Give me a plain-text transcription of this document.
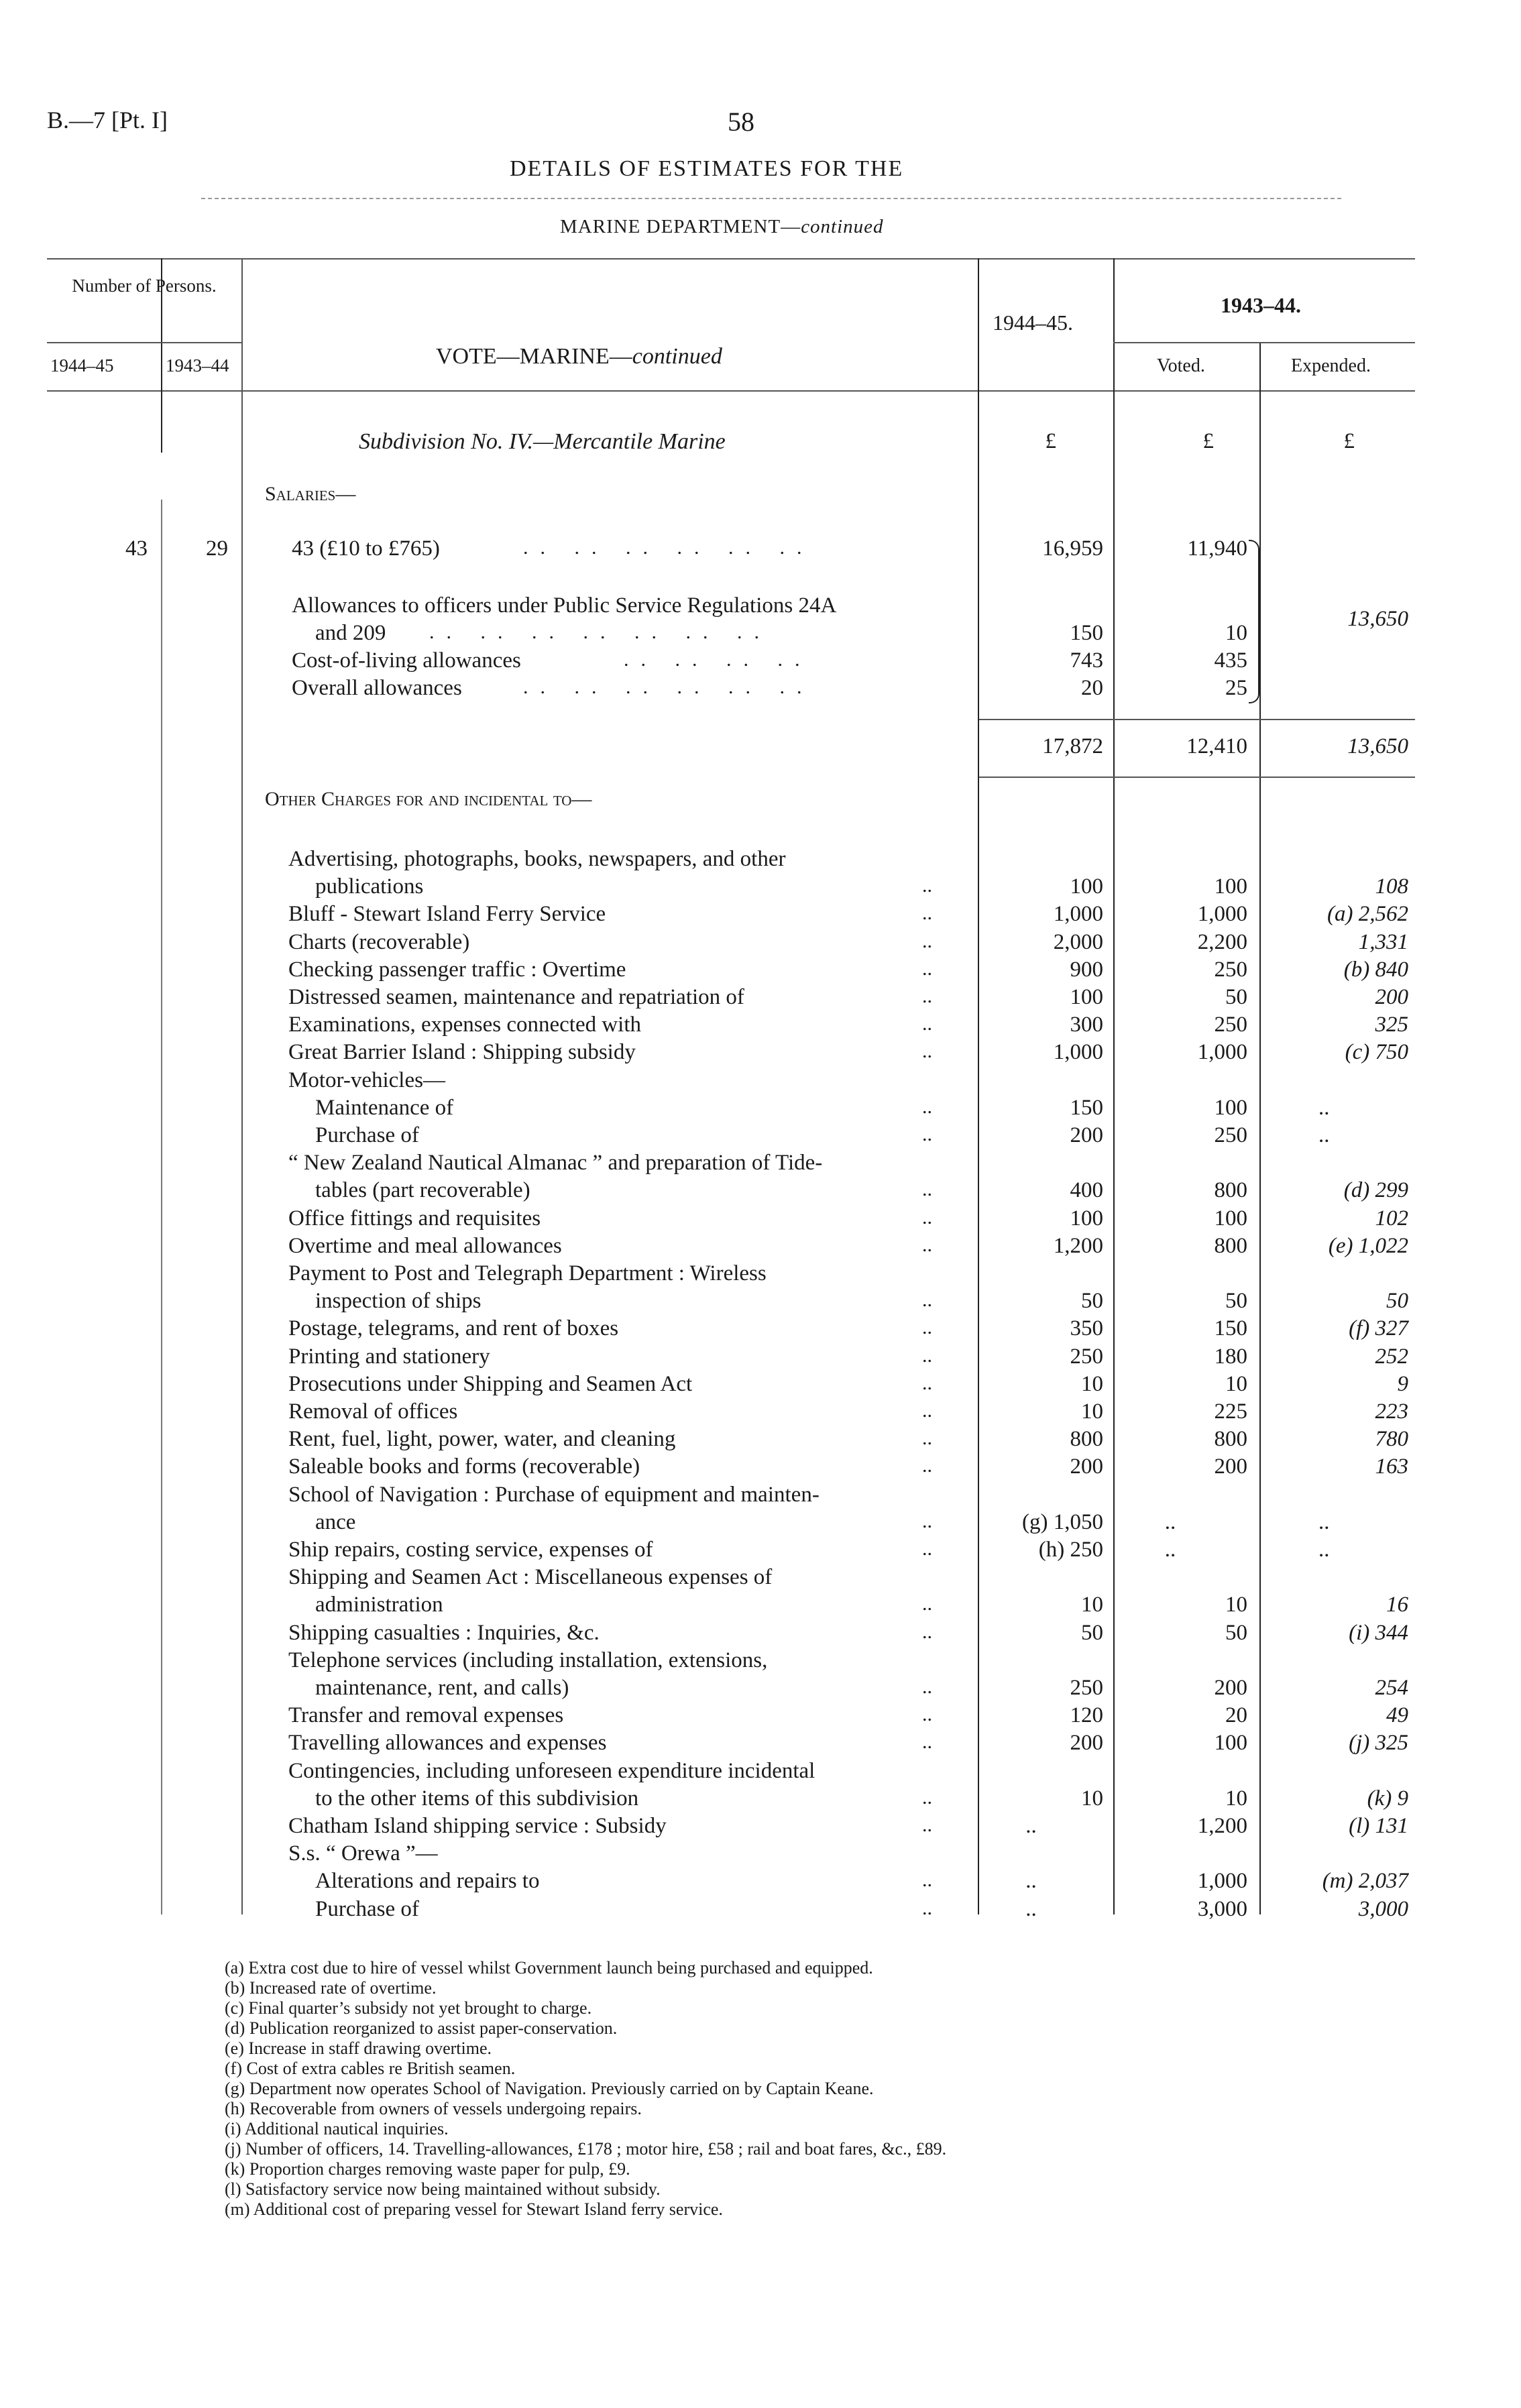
B.—7 [Pt. I]	58
DETAILS OF ESTIMATES FOR THE
MARINE DEPARTMENT—continued
Number of Persons.
1944–45	1943–44	VOTE—MARINE—continued
1944–45.
1943–44.
Voted.	Expended.
Subdivision No. IV.—Mercantile Marine	£	£	£
Salaries—
43	29	43 (£10 to £765)	.. .. .. .. .. ..	16,959	11,940
Allowances to officers under Public Service Regulations 24A
and 209 .. .. .. .. .. .. ..	150	10
Cost-of-living allowances	.. .. .. ..	743	435
Overall allowances	.. .. .. .. .. ..	20	25
13,650
17,872	12,410	13,650
Other Charges for and incidental to—
Advertising, photographs, books, newspapers, and other
publications	..	100	100	108
Bluff - Stewart Island Ferry Service	..	1,000	1,000	(a) 2,562
Charts (recoverable)	..	2,000	2,200	1,331
Checking passenger traffic : Overtime	..	900	250	(b) 840
Distressed seamen, maintenance and repatriation of	..	100	50	200
Examinations, expenses connected with	..	300	250	325
Great Barrier Island : Shipping subsidy	..	1,000	1,000	(c) 750
Motor-vehicles—
Maintenance of	..	150	100	..
Purchase of	..	200	250	..
“ New Zealand Nautical Almanac ” and preparation of Tide-
tables (part recoverable)	..	400	800	(d) 299
Office fittings and requisites	..	100	100	102
Overtime and meal allowances	..	1,200	800	(e) 1,022
Payment to Post and Telegraph Department : Wireless
inspection of ships	..	50	50	50
Postage, telegrams, and rent of boxes	..	350	150	(f) 327
Printing and stationery	..	250	180	252
Prosecutions under Shipping and Seamen Act	..	10	10	9
Removal of offices	..	10	225	223
Rent, fuel, light, power, water, and cleaning	..	800	800	780
Saleable books and forms (recoverable)	..	200	200	163
School of Navigation : Purchase of equipment and mainten-
ance	..	(g) 1,050	..	..
Ship repairs, costing service, expenses of	..	(h) 250	..	..
Shipping and Seamen Act : Miscellaneous expenses of
administration	..	10	10	16
Shipping casualties : Inquiries, &c.	..	50	50	(i) 344
Telephone services (including installation, extensions,
maintenance, rent, and calls)	..	250	200	254
Transfer and removal expenses	..	120	20	49
Travelling allowances and expenses	..	200	100	(j) 325
Contingencies, including unforeseen expenditure incidental
to the other items of this subdivision	..	10	10	(k) 9
Chatham Island shipping service : Subsidy	..	..	1,200	(l) 131
S.s. “ Orewa ”—
Alterations and repairs to	..	..	1,000	(m) 2,037
Purchase of	..	..	3,000	3,000
(a) Extra cost due to hire of vessel whilst Government launch being purchased and equipped.
(b) Increased rate of overtime.
(c) Final quarter’s subsidy not yet brought to charge.
(d) Publication reorganized to assist paper-conservation.
(e) Increase in staff drawing overtime.
(f) Cost of extra cables re British seamen.
(g) Department now operates School of Navigation. Previously carried on by Captain Keane.
(h) Recoverable from owners of vessels undergoing repairs.
(i) Additional nautical inquiries.
(j) Number of officers, 14. Travelling-allowances, £178 ; motor hire, £58 ; rail and boat fares, &c., £89.
(k) Proportion charges removing waste paper for pulp, £9.
(l) Satisfactory service now being maintained without subsidy.
(m) Additional cost of preparing vessel for Stewart Island ferry service.
